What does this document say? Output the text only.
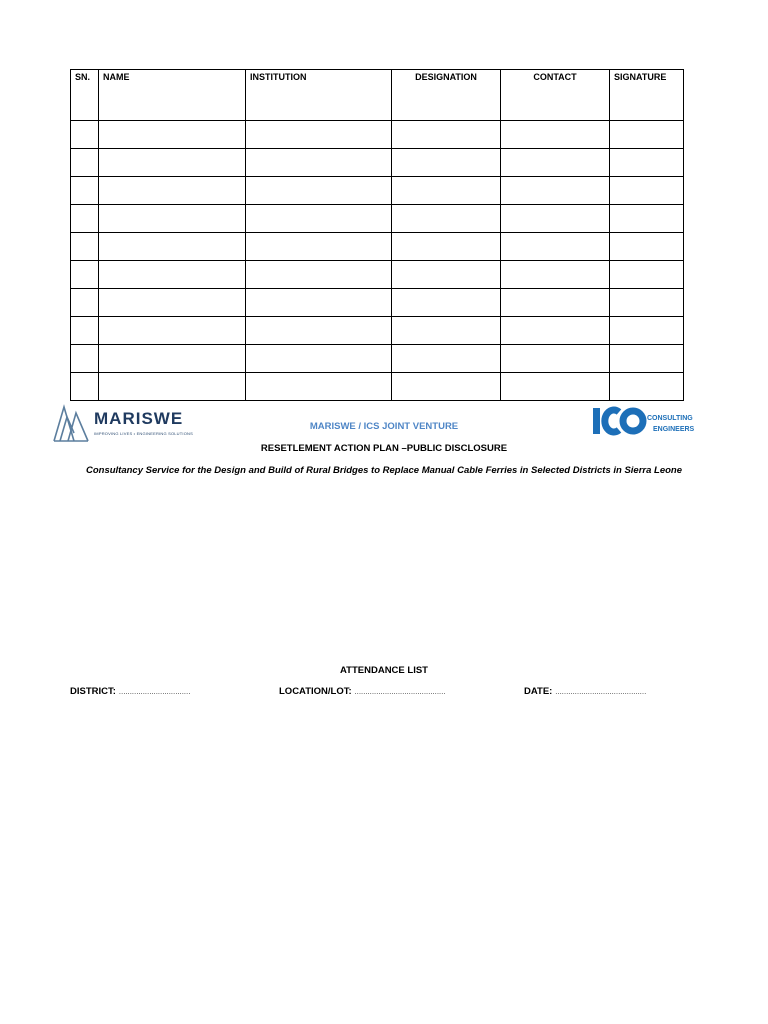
SN.	NAME	INSTITUTION	DESIGNATION	CONTACT	SIGNATURE

MARISWE
IMPROVING LIVES • ENGINEERING SOLUTIONS
MARISWE / ICS JOINT VENTURE
RESETLEMENT ACTION PLAN –PUBLIC DISCLOSURE
Consultancy Service for the Design and Build of Rural Bridges to Replace Manual Cable Ferries in Selected Districts in Sierra Leone
CONSULTING
ENGINEERS
ATTENDANCE LIST
DISTRICT: ……………………………	LOCATION/LOT: ……………………………………	DATE: ……………………………………
